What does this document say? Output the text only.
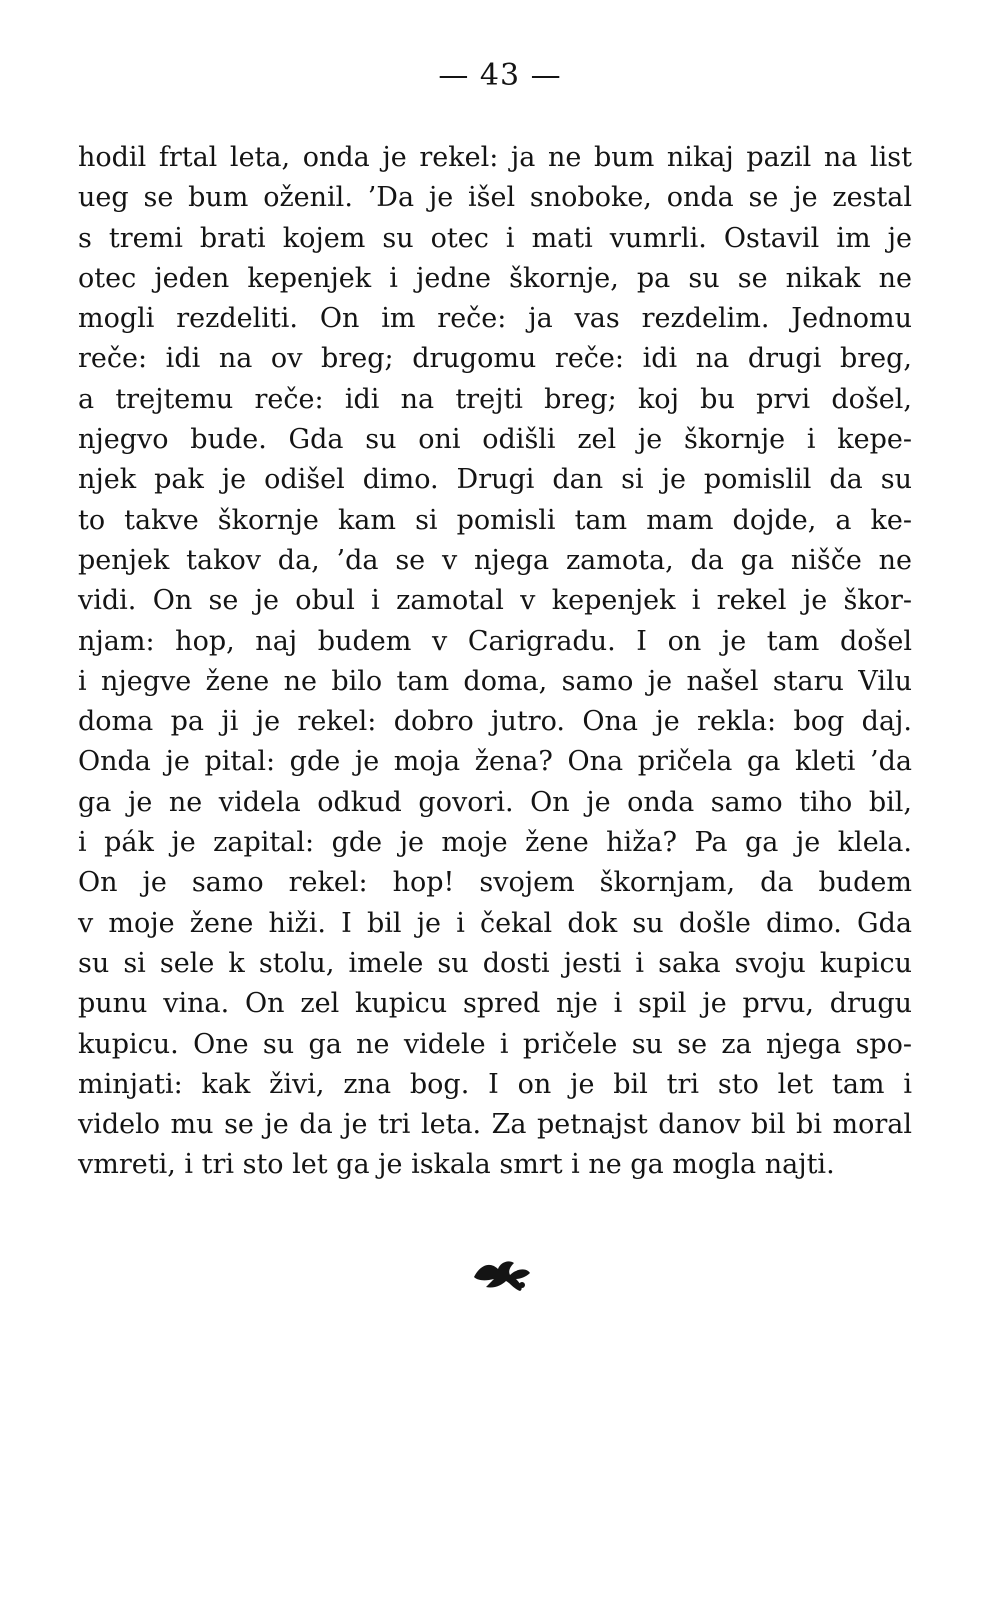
— 43 —
hodil frtal leta, onda je rekel: ja ne bum nikaj pazil na list
ueg se bum oženil. ’Da je išel snoboke, onda se je zestal
s tremi brati kojem su otec i mati vumrli. Ostavil im je
otec jeden kepenjek i jedne škornje, pa su se nikak ne
mogli rezdeliti. On im reče: ja vas rezdelim. Jednomu
reče: idi na ov breg; drugomu reče: idi na drugi breg,
a trejtemu reče: idi na trejti breg; koj bu prvi došel,
njegvo bude. Gda su oni odišli zel je škornje i kepe-
njek pak je odišel dimo. Drugi dan si je pomislil da su
to takve škornje kam si pomisli tam mam dojde, a ke-
penjek takov da, ’da se v njega zamota, da ga nišče ne
vidi. On se je obul i zamotal v kepenjek i rekel je škor-
njam: hop, naj budem v Carigradu. I on je tam došel
i njegve žene ne bilo tam doma, samo je našel staru Vilu
doma pa ji je rekel: dobro jutro. Ona je rekla: bog daj.
Onda je pital: gde je moja žena? Ona pričela ga kleti ’da
ga je ne videla odkud govori. On je onda samo tiho bil,
i pák je zapital: gde je moje žene hiža? Pa ga je klela.
On je samo rekel: hop! svojem škornjam, da budem
v moje žene hiži. I bil je i čekal dok su došle dimo. Gda
su si sele k stolu, imele su dosti jesti i saka svoju kupicu
punu vina. On zel kupicu spred nje i spil je prvu, drugu
kupicu. One su ga ne videle i pričele su se za njega spo-
minjati: kak živi, zna bog. I on je bil tri sto let tam i
videlo mu se je da je tri leta. Za petnajst danov bil bi moral
vmreti, i tri sto let ga je iskala smrt i ne ga mogla najti.
